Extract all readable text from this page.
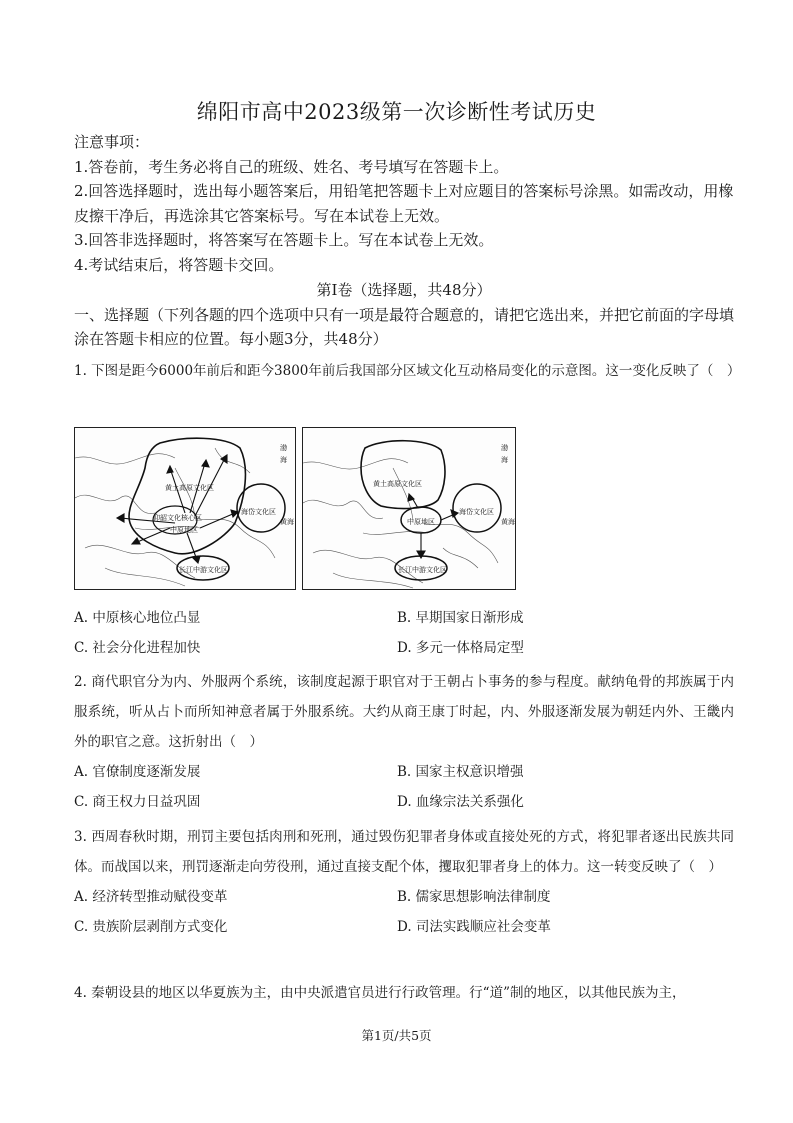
绵阳市高中2023级第一次诊断性考试历史
注意事项：
1.答卷前，考生务必将自己的班级、姓名、考号填写在答题卡上。
2.回答选择题时，选出每小题答案后，用铅笔把答题卡上对应题目的答案标号涂黑。如需改动，用橡皮擦干净后，再选涂其它答案标号。写在本试卷上无效。
3.回答非选择题时，将答案写在答题卡上。写在本试卷上无效。
4.考试结束后，将答题卡交回。
第Ⅰ卷（选择题，共48分）
一、选择题（下列各题的四个选项中只有一项是最符合题意的，请把它选出来，并把它前面的字母填涂在答题卡相应的位置。每小题3分，共48分）
1. 下图是距今6000年前后和距今3800年前后我国部分区域文化互动格局变化的示意图。这一变化反映了（　）
黄土高原文化区
仰韶文化核心区
中原地区
海岱文化区
长江中游文化区
渤
海
黄海
黄土高原文化区
中原地区
海岱文化区
长江中游文化区
渤
海
黄海
A. 中原核心地位凸显	B. 早期国家日渐形成
C. 社会分化进程加快	D. 多元一体格局定型
2. 商代职官分为内、外服两个系统，该制度起源于职官对于王朝占卜事务的参与程度。献纳龟骨的邦族属于内服系统，听从占卜而所知神意者属于外服系统。大约从商王康丁时起，内、外服逐渐发展为朝廷内外、王畿内外的职官之意。这折射出（　）
A. 官僚制度逐渐发展	B. 国家主权意识增强
C. 商王权力日益巩固	D. 血缘宗法关系强化
3. 西周春秋时期，刑罚主要包括肉刑和死刑，通过毁伤犯罪者身体或直接处死的方式，将犯罪者逐出民族共同体。而战国以来，刑罚逐渐走向劳役刑，通过直接支配个体，攫取犯罪者身上的体力。这一转变反映了（　）
A. 经济转型推动赋役变革	B. 儒家思想影响法律制度
C. 贵族阶层剥削方式变化	D. 司法实践顺应社会变革
4. 秦朝设县的地区以华夏族为主，由中央派遣官员进行行政管理。行“道”制的地区，以其他民族为主，
第1页/共5页
